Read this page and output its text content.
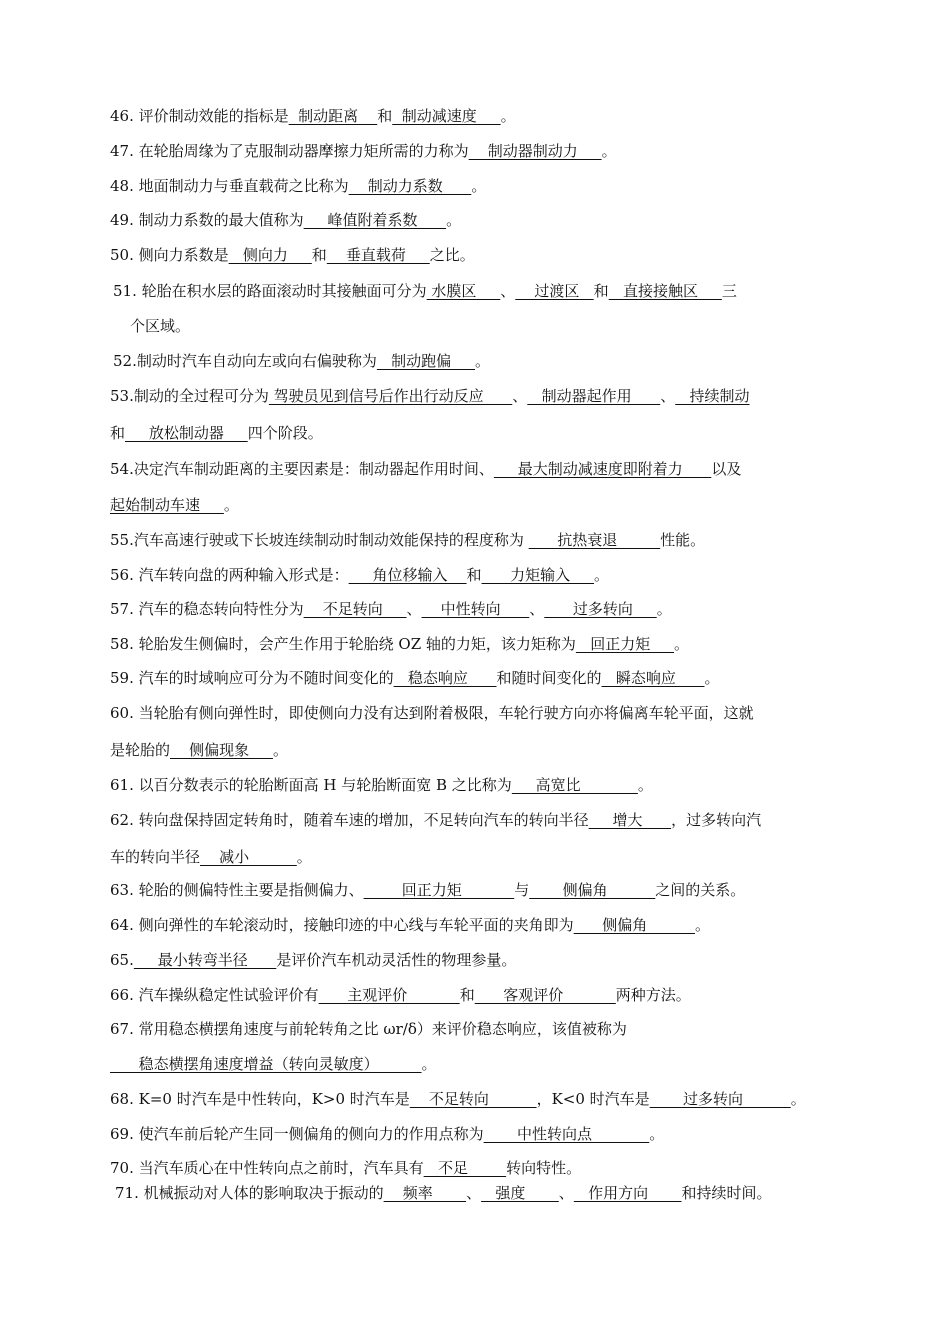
46. 评价制动效能的指标是  制动距离    和  制动减速度     。
47. 在轮胎周缘为了克服制动器摩擦力矩所需的力称为    制动器制动力     。
48. 地面制动力与垂直载荷之比称为    制动力系数      。
49. 制动力系数的最大值称为     峰值附着系数      。
50. 侧向力系数是   侧向力     和    垂直载荷     之比。
51. 轮胎在积水层的路面滚动时其接触面可分为 水膜区     、    过渡区   和   直接接触区     三
个区域。
52.制动时汽车自动向左或向右偏驶称为   制动跑偏     。
53.制动的全过程可分为 驾驶员见到信号后作出行动反应      、   制动器起作用      、   持续制动
和     放松制动器     四个阶段。
54.决定汽车制动距离的主要因素是：制动器起作用时间、     最大制动减速度即附着力      以及
起始制动车速     。
55.汽车高速行驶或下长坡连续制动时制动效能保持的程度称为       抗热衰退         性能。
56. 汽车转向盘的两种输入形式是：     角位移输入    和      力矩输入     。
57. 汽车的稳态转向特性分为    不足转向     、    中性转向      、      过多转向     。
58. 轮胎发生侧偏时，会产生作用于轮胎绕 OZ 轴的力矩，该力矩称为   回正力矩     。
59. 汽车的时域响应可分为不随时间变化的   稳态响应      和随时间变化的   瞬态响应      。
60. 当轮胎有侧向弹性时，即使侧向力没有达到附着极限，车轮行驶方向亦将偏离车轮平面，这就
是轮胎的    侧偏现象     。
61. 以百分数表示的轮胎断面高 H 与轮胎断面宽 B 之比称为     高宽比            。
62. 转向盘保持固定转角时，随着车速的增加，不足转向汽车的转向半径     增大      ，过多转向汽
车的转向半径    减小          。
63. 轮胎的侧偏特性主要是指侧偏力、        回正力矩           与       侧偏角          之间的关系。
64. 侧向弹性的车轮滚动时，接触印迹的中心线与车轮平面的夹角即为      侧偏角          。
65.     最小转弯半径      是评价汽车机动灵活性的物理参量。
66. 汽车操纵稳定性试验评价有      主观评价           和      客观评价           两种方法。
67. 常用稳态横摆角速度与前轮转角之比 ωr/δ）来评价稳态响应，该值被称为
稳态横摆角速度增益（转向灵敏度）         。
68. K=0 时汽车是中性转向，K>0 时汽车是    不足转向          ，K<0 时汽车是       过多转向          。
69. 使汽车前后轮产生同一侧偏角的侧向力的作用点称为       中性转向点            。
70. 当汽车质心在中性转向点之前时，汽车具有   不足        转向特性。
71. 机械振动对人体的影响取决于振动的    频率       、   强度       、   作用方向       和持续时间。
